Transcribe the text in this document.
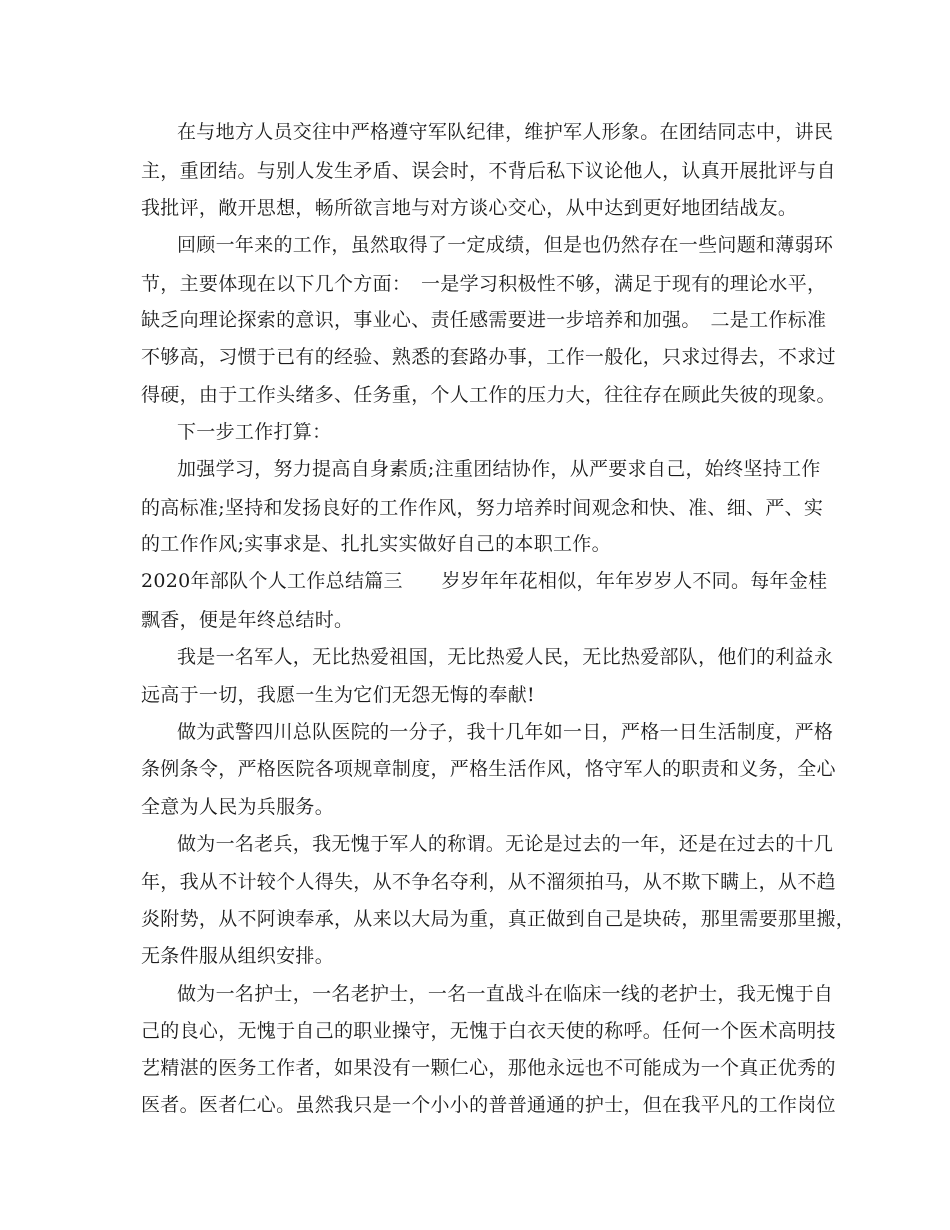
在与地方人员交往中严格遵守军队纪律，维护军人形象。在团结同志中，讲民
主，重团结。与别人发生矛盾、误会时，不背后私下议论他人，认真开展批评与自
我批评，敞开思想，畅所欲言地与对方谈心交心，从中达到更好地团结战友。
回顾一年来的工作，虽然取得了一定成绩，但是也仍然存在一些问题和薄弱环
节，主要体现在以下几个方面：　一是学习积极性不够，满足于现有的理论水平，
缺乏向理论探索的意识，事业心、责任感需要进一步培养和加强。　二是工作标准
不够高，习惯于已有的经验、熟悉的套路办事，工作一般化，只求过得去，不求过
得硬，由于工作头绪多、任务重，个人工作的压力大，往往存在顾此失彼的现象。
下一步工作打算：
加强学习，努力提高自身素质;注重团结协作，从严要求自己，始终坚持工作
的高标准;坚持和发扬良好的工作作风，努力培养时间观念和快、准、细、严、实
的工作作风;实事求是、扎扎实实做好自己的本职工作。
2020年部队个人工作总结篇三　　岁岁年年花相似，年年岁岁人不同。每年金桂
飘香，便是年终总结时。
我是一名军人，无比热爱祖国，无比热爱人民，无比热爱部队，他们的利益永
远高于一切，我愿一生为它们无怨无悔的奉献!
做为武警四川总队医院的一分子，我十几年如一日，严格一日生活制度，严格
条例条令，严格医院各项规章制度，严格生活作风，恪守军人的职责和义务，全心
全意为人民为兵服务。
做为一名老兵，我无愧于军人的称谓。无论是过去的一年，还是在过去的十几
年，我从不计较个人得失，从不争名夺利，从不溜须拍马，从不欺下瞒上，从不趋
炎附势，从不阿谀奉承，从来以大局为重，真正做到自己是块砖，那里需要那里搬，
无条件服从组织安排。
做为一名护士，一名老护士，一名一直战斗在临床一线的老护士，我无愧于自
己的良心，无愧于自己的职业操守，无愧于白衣天使的称呼。任何一个医术高明技
艺精湛的医务工作者，如果没有一颗仁心，那他永远也不可能成为一个真正优秀的
医者。医者仁心。虽然我只是一个小小的普普通通的护士，但在我平凡的工作岗位
